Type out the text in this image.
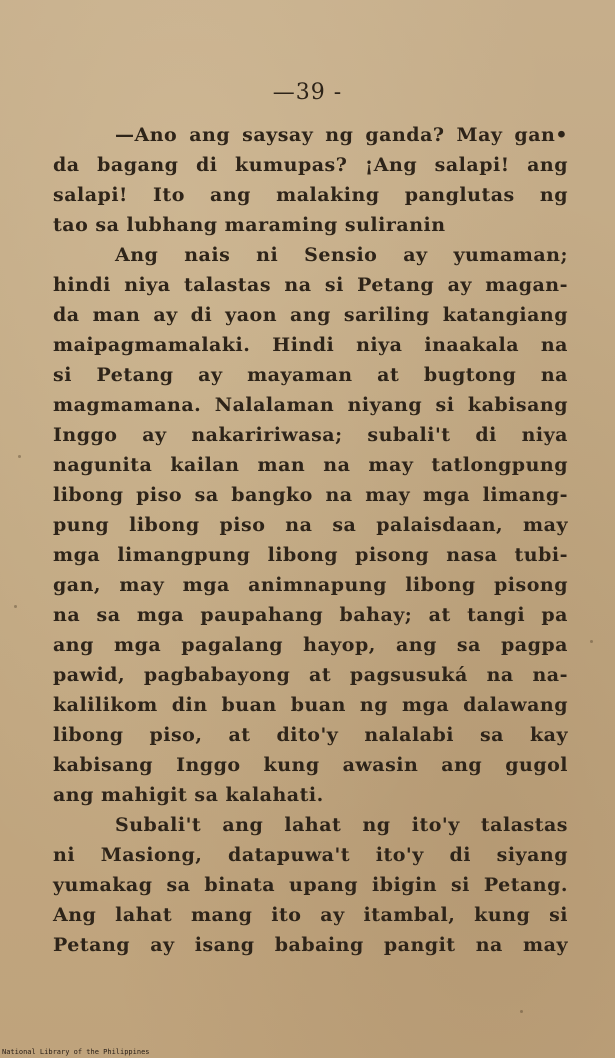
—39 -
—Ano ang saysay ng ganda? May gan•
da bagang di kumupas? ¡Ang salapi! ang
salapi! Ito ang malaking panglutas ng
tao sa lubhang maraming suliranin
Ang nais ni Sensio ay yumaman;
hindi niya talastas na si Petang ay magan-
da man ay di yaon ang sariling katangiang
maipagmamalaki. Hindi niya inaakala na
si Petang ay mayaman at bugtong na
magmamana. Nalalaman niyang si kabisang
Inggo ay nakaririwasa; subali't di niya
nagunita kailan man na may tatlongpung
libong piso sa bangko na may mga limang-
pung libong piso na sa palaisdaan, may
mga limangpung libong pisong nasa tubi-
gan, may mga animnapung libong pisong
na sa mga paupahang bahay; at tangi pa
ang mga pagalang hayop, ang sa pagpa
pawid, pagbabayong at pagsusuká na na-
kalilikom din buan buan ng mga dalawang
libong piso, at dito'y nalalabi sa kay
kabisang Inggo kung awasin ang gugol
ang mahigit sa kalahati.
Subali't ang lahat ng ito'y talastas
ni Masiong, datapuwa't ito'y di siyang
yumakag sa binata upang ibigin si Petang.
Ang lahat mang ito ay itambal, kung si
Petang ay isang babaing pangit na may
National Library of the Philippines
